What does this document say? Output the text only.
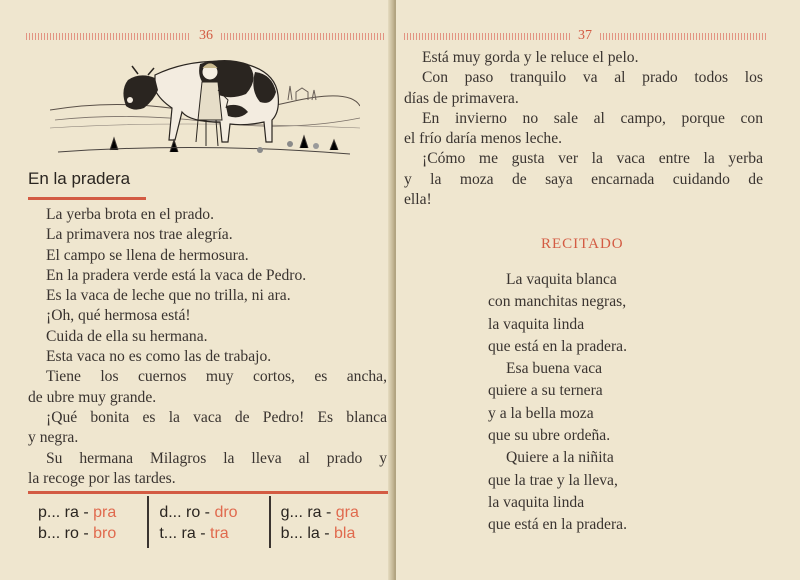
36
En la pradera
La yerba brota en el prado.
La primavera nos trae alegría.
El campo se llena de hermosura.
En la pradera verde está la vaca de Pedro.
Es la vaca de leche que no trilla, ni ara.
¡Oh, qué hermosa está!
Cuida de ella su hermana.
Esta vaca no es como las de trabajo.
Tiene los cuernos muy cortos, es ancha,
de ubre muy grande.
¡Qué bonita es la vaca de Pedro! Es blanca
y negra.
Su hermana Milagros la lleva al prado y
la recoge por las tardes.
p... ra - pra
b... ro - bro
d... ro - dro
t... ra - tra
g... ra - gra
b... la - bla
37
Está muy gorda y le reluce el pelo.
Con paso tranquilo va al prado todos los
días de primavera.
En invierno no sale al campo, porque con
el frío daría menos leche.
¡Cómo me gusta ver la vaca entre la yerba
y la moza de saya encarnada cuidando de
ella!
RECITADO
La vaquita blanca
con manchitas negras,
la vaquita linda
que está en la pradera.
Esa buena vaca
quiere a su ternera
y a la bella moza
que su ubre ordeña.
Quiere a la niñita
que la trae y la lleva,
la vaquita linda
que está en la pradera.
